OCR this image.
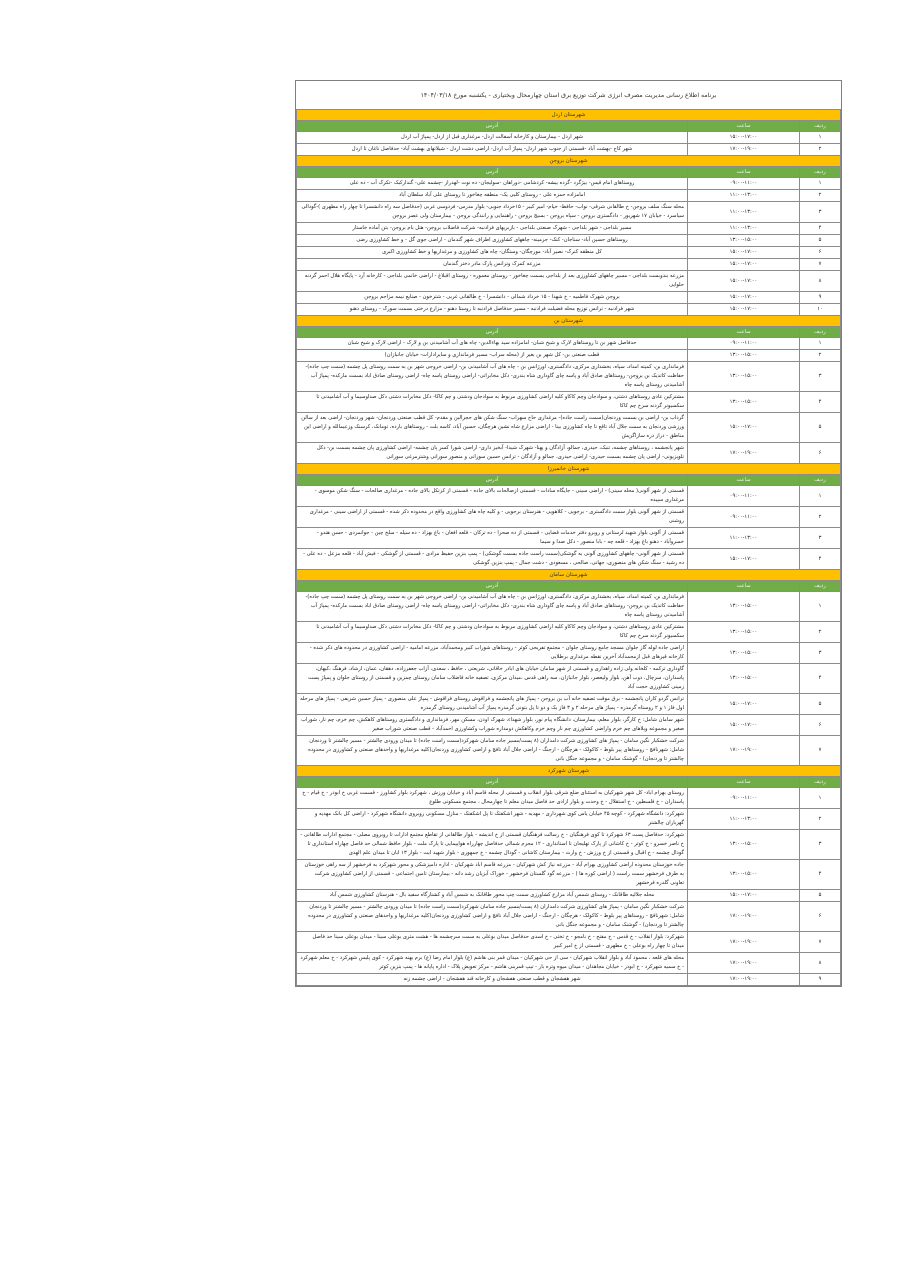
برنامه اطلاع رسانی مدیریت مصرف انرژی شرکت توزیع برق استان چهارمحال وبختیاری - یکشنبه مورخ ۱۴۰۴/۰۳/۱۸		
شهرستان اردل		
ردیف	ساعت	آدرس
۱	۱۵:۰۰-۱۷:۰۰	شهر اردل - بیمارستان و کارخانه آسفالت اردل- مرغداری قبل از اردل- پمپاژ آب اردل
۲	۱۷:۰۰-۱۹:۰۰	شهر کاج -بهشت آباد -قسمتی از جنوب شهر اردل- پمپاژ آب اردل- اراضی دشت اردل - شیلاتهای بهشت آباد- حدفاصل ناغان تا اردل
شهرستان بروجن		
ردیف	ساعت	آدرس
۱	۰۹:۰۰-۱۱:۰۰	روستاهای امام قیس- بیژگرد -گرده بیشه- کردشامی -دوراهان -سولیجان- ده نوت -لهدراز -چشمه علی- گندارکبک -تکرک آب - ده علی
۲	۱۱:۰۰-۱۳:۰۰	امامزاده حمزه علی - روستای کلبی یک- منطقه چغاخور تا روستای علی آباد سلطان آباد
۳	۱۱:۰۰-۱۳:۰۰	محله سنگ سلف بروجن- خ طالقانی شرقی- نواب- حافظ- خیام- امیر کبیر - ۱۵خرداد جنوبی- بلوار مدرس- فردوسی غربی (حدفاصل سه راه دانشسرا تا چهار راه مطهری )-گودالی سیاسرد - خیابان ۱۷ شهریور - دادگستری بروجن - سپاه بروجن - بسیج بروجن - راهنمایی و رانندگی بروجن - بیمارستان ولی عصر بروجن
۴	۱۱:۰۰-۱۳:۰۰	مسیر بلداجی - شهر بلداجی - شهرک صنعتی بلداجی - بازبریهای فرادنبه- شرکت فاضلاب بروجن- هتل بام بروجن- بتن آماده خاستار
۵	۱۳:۰۰-۱۵:۰۰	روستاهای حسین آباد- سناجان- کنک- جرمینه- چاههای کشاورزی اطراف شهر گندمان - اراضی جوی گل - و خط کشاورزی رضی
۶	۱۵:۰۰-۱۷:۰۰	کل منطقه کنرک- نصیر آباد- مورچگان- وستگان- چاه های کشاورزی و مرغداریها و خط کشاورزی اکبری
۷	۱۵:۰۰-۱۷:۰۰	مزرعه کمرک وترانس پارک مادر دختر گندمان
۸	۱۵:۰۰-۱۷:۰۰	مزرعه بندوبست بلداجی - مسیر چاههای کشاورزی بعد از بلداجی بسمت چغاخور - روستای معموره - روستای اقبلاغ - اراضی خانمی بلداجی - کارخانه آرد - پایگاه هلال احمر گردنه حلوایی
۹	۱۵:۰۰-۱۷:۰۰	بروجن شهرک فاطمیه - خ شهدا - ۱۵ خرداد شمالی - دانشسرا - خ طالقانی غربی - شترخون - صنایع نیمه مزاحم بروجن
۱۰	۱۵:۰۰-۱۷:۰۰	شهر فرادنبه - ترانس توزیع محله فضیلت فرادنبه - مسیر حدفاصل فرادنبه تا روستا دهنو - مزارع درختی بسمت سورک - روستای دهنو
شهرستان بن		
ردیف	ساعت	آدرس
۱	۰۹:۰۰-۱۱:۰۰	حدفاصل شهر بن تا روستاهای لارک و شیخ شبان- امامزاده سید بهاءالدین- چاه های آب آشامیدنی بن و لارک - اراضی لارک و شیخ شبان
۲	۱۳:۰۰-۱۵:۰۰	قطب صنعتی بن- کل شهر بن بغیر از (محله سراب- مسیر فرمانداری و سایرادارات- خیابان جانبازان)
۳	۱۳:۰۰-۱۵:۰۰	فرمانداری بن، کمیته امداد، سپاه، بخشداری مرکزی، دادگستری، اورژانس بن - چاه های آب آشامیدنی بن- اراضی خروجی شهر بن به سمت روستای پل چشمه (سمت چپ جاده)- حفاظت کاتدیک بن بروجن- روستاهای صادق آباد و پاسه چای گاوداری شاه بندری- دکل مخابراتی- اراضی روستای پاسه چاه- اراضی روستای صادق اباد بسمت مارکده- پمپاژ آب آشامیدنی روستای پاسه چاه
۴	۱۳:۰۰-۱۵:۰۰	مشترکین عادی روستاهای دشتی، و سوادجان وچم کاکاو کلیه اراضی کشاورزی مربوط به سوادجان ودشتی و چم کاکا- دکل مخابرات دشتی دکل صداوسیما و آب آشامیدنی تا سکسیونر گردنه سرخ چم کاکا
۵	۱۵:۰۰-۱۷:۰۰	گرداب بن- اراضی بن بسمت وردنجان(سمت راست جاده)- مرغداری حاج سهراب- سنگ شکن های حجرالبن و مقدم- کل قطب صنعتی وردنجان- شهر وردنجان- اراضی بعد از سالن ورزشی وردنجان به سمت جلال آباد تاقع تا چاه کشاورزی بینا - اراضی مزارع شاه نشین هرچگان، حسین آباد، کاسه بلت - روستاهای بارده، تومانک، کرسنک وزعیمالله و اراضی این مناطق - دراز دره سازاگریش
۶	۱۷:۰۰-۱۹:۰۰	شهر پانجشمه ، روستاهای چشمه، تنبک، حیدری، جمالو، آزادگان و پهنا- شهرک شیدا- آبخیز داری- اراضی شورا کسر پان چشمه- اراضی کشاورزی پان چشمه بسمت بن- دکل تلویزیونی- اراضی پان چشمه بسمت حیدری- اراضی حیدری، جمالو و آزادگان - ترانس حسین سورانی و منصور سورانی وشترمرغی سورانی
شهرستان خانمیرزا		
ردیف	ساعت	آدرس
۱	۰۹:۰۰-۱۱:۰۰	قسمتی از شهر آلونی( محله سینی) - اراضی سینی - جایگاه سادات - قسمتی ازصالحات بالای جاده - قسمتی از کرتکل بالای جاده - مرغداری صالحات - سنگ شکن موسوی - مرغداری سپیده
۲	۰۹:۰۰-۱۱:۰۰	قسمتی از شهر آلونی بلوار سمت دادگستری - برجویی - کلاهویی - هنرستان برجویی - و کلیه چاه های کشاورزی واقع در محدوده ذکر شده - قسمتی از اراضی سینی - مرغداری روشنی
۳	۱۱:۰۰-۱۳:۰۰	قسمتی از آلونی بلوار شهید لرستانی و روبرو دفتر خدمات قضایی - قسمتی از ده صحرا - ده ترکان - قلعه افغان - باغ بهزاد - ده سیله - سلخ چین - جوانمردی - حسن هندو - خسروآباد - دهنو باغ بهزاد - قلعه چه - بابا منصور - دکل صدا و سیما
۴	۱۵:۰۰-۱۷:۰۰	قسمتی از شهر آلونی- چاههای کشاورزی آلونی به گوشکی(سمت راست جاده بسمت گوشکی) - پمپ بنزین حفیظ مرادی - قسمتی از گوشکی - فیش آباد - قلعه مزعل - ده علی - ده رشید - سنگ شکن های منصوری، جهانی، صالحی ، مسعودی - دشت جمال - پمپ بنزین گوشکی
شهرستان سامان		
ردیف	ساعت	آدرس
۱	۱۳:۰۰-۱۵:۰۰	فرمانداری بن، کمیته امداد، سپاه، بخشداری مرکزی، دادگستری، اورژانس بن - چاه های آب آشامیدنی بن- اراضی خروجی شهر بن به سمت روستای پل چشمه (سمت چپ جاده)- حفاظت کاتدیک بن بروجن- روستاهای صادق آباد و پاسه چای گاوداری شاه بندری- دکل مخابراتی- اراضی روستای پاسه چاه- اراضی روستای صادق اباد بسمت مارکده- پمپاژ آب آشامیدنی روستای پاسه چاه
۲	۱۳:۰۰-۱۵:۰۰	مشترکین عادی روستاهای دشتی، و سوادجان وچم کاکاو کلیه اراضی کشاورزی مربوط به سوادجان ودشتی و چم کاکا- دکل مخابرات دشتی دکل صداوسیما و آب آشامیدنی تا سکسیونر گردنه سرخ چم کاکا
۳	۱۳:۰۰-۱۵:۰۰	اراضی جاده لوله گاز جلوان مسجد جامع روستای جلوان - مجتمع تفریحی کوثر - روستاهای شوراب کبیر ومحمدآباد، مزرعه امامیه - اراضی کشاورزی در محدوده های ذکر شده - کارخانه قیرهای قبل ازمحمدآباد آخرین نقطه مرغداری برطلایی
۴	۱۳:۰۰-۱۵:۰۰	گاوداری ترکمه - کلخانه ولی زاده راهداری و قسمتی از شهر سامان خیابان های اباذر خاقانی، شریعتی ، حافظ ، سعدی، آزاب جعفرزاده، دهقان، عمان، ارشاد، فرهنگ ،کیهان، پاسداران، سرچال، ذوب آهن، بلوار ولیعصر، بلوار جانبازان، سه راهی قدس ،میدان مرکزی، تصفیه خانه فاضلاب سامان روستای چمزین و قسمتی از روستای جلوان و پمپاژ پست زمینی کشاورزی حجت آباد
۵	۱۵:۰۰-۱۷:۰۰	ترانس گردو کاران پانجشمه - برق موقت تصفیه خانه آب بن بروجن - پمپاژ های پانجشمه و فراقوش روستای فراقوش - پمپاژ علی منصوری - پمپاژ حسین شریفی - پمپاژ های مرحله اول فاز ۱ و ۲ روستاه گرمدره - پمپاژ های مرحله ۲ و ۳ فاز یک و دو تا پل بتونی گرمدره پمپاژ آب آشامیدنی روستای گرمدره
۶	۱۵:۰۰-۱۷:۰۰	شهر سامان شامل: خ کارگر، بلوار معلم، بیمارستان، دانشگاه پیام نور، بلوار شهداء، شهرک اوذن، مسکن مهر، فرمانداری و دادگستری روستاهای کاهکش، چم خرم، چم نار، شوراب صغیر و مجموعه ویلاهای چم خرم واراضی کشاورزی چم نار وچم خرم وکاهکش دومداره شوراب وکشاورزی احمدآباد - قطب صنعتی شوراب صغیر
۷	۱۷:۰۰-۱۹:۰۰	شرکت خشکبار نگین سامان - پمپاژ های کشاورزی شرکت دامداران (۸ پست/مسیر جاده سامان شهرکرد(سمت راست جاده) تا میدان ورودی چالشتر - مسیر چالشتر تا وردنجان شامل: شهرنافچ - روستاهای پیر بلوط - کاکولک - هرچگان - ارجنگ - اراضی جلال آباد نافچ و اراضی کشاورزی وردنجان(کلیه مرغداریها و واحدهای صنعتی و کشاورزی در محدوده چالشتر تا وردنجان) - گوشنک سامان - و مجموعه جنگل بانی
شهرستان شهرکرد		
ردیف	ساعت	آدرس
۱	۰۹:۰۰-۱۱:۰۰	روستای بهرام اباد- کل شهر شهرکیان به استثنای ضلع شرقی بلوار انقلاب و قسمتی از محله قاسم آباد و خیابان ورزش ، شهرکرد بلوار کشاورز - قسمت غربی خ ابوذر - خ قیام - خ پاسداران - خ فلسطین - خ استقلال - خ وحدت و بلوار ازادی حد فاصل میدان معلم تا چهارمحال ، مجتمع مسکونی طلوع
۲	۱۱:۰۰-۱۳:۰۰	شهرکرد: دانشگاه شهرکرد - کوچه ۴۵ خیابان یاس کوی شهرداری - مهدیه - شهر اشکفتک تا پل اشکفتک - منازل مسکونی روبروی دانشگاه شهرکرد - اراضی کل بانک مهدیه و گهرباران چالشتر
۳	۱۳:۰۰-۱۵:۰۰	شهرکرد: حدفاصل پست ۶۳ شهرکرد تا کوی فرهنگیان - خ رسالت فرهنگیان قسمتی از خ اندیشه - بلوار طالقانی از تقاطع مجتمع ادارات تا روبروی مصلی - مجتمع ادارات طالقانی - خ ناصر خسرو - خ کوثر - خ کاشانی از پارک تهلیجان تا استانداری - ۱۲ محرم شمالی حدفاصل چهارراه هوایپمایی تا پارک ملت - بلوار حافظ شمالی حد فاصل چهاراه استانداری تا گودال چشمه - خ اقبال و قسمتی از خ ورزش - خ وارث - بیمارستان کاشانی - گودال چشمه - خ جمهوری - بلوار شهید ایت - بلوار ۱۳ ابان تا میدان علم الهدی
۴	۱۳:۰۰-۱۵:۰۰	جاده خوزستان محدوده اراضی کشاورزی بهرام آباد - مزرعه نیاز کش شهرکیان - مزرعه قاسم اباد شهرکیان - اداره دامپزشکی و محور شهرکرد به فرخشهر از سه راهی خوزستان به طرف فرخشهر سمت راست ( اراضی کوره ها ) - مزرعه گود گلستان فرخشهر - خوراک آبزیان رشد دانه - بیمارستان تامین اجتماعی - قسمتی از اراضی کشاورزی شرکت تعاونی گلدره فرخشهر
۵	۱۵:۰۰-۱۷:۰۰	محله جلالیه طاقانک - روستای شمس آباد مزارع کشاورزی سمت چپ محور طاقانک به شمس آباد و کشتارگاه سفید بال - هنرستان کشاورزی شمس آباد
۶	۱۷:۰۰-۱۹:۰۰	شرکت خشکبار نگین سامان - پمپاژ های کشاورزی شرکت دامداران (۸ پست/مسیر جاده سامان شهرکرد(سمت راست جاده) تا میدان ورودی چالشتر - مسیر چالشتر تا وردنجان شامل: شهرنافچ - روستاهای پیر بلوط - کاکولک - هرچگان - ارجنگ - اراضی جلال آباد نافچ و اراضی کشاورزی وردنجان(کلیه مرغداریها و واحدهای صنعتی و کشاورزی در محدوده چالشتر تا وردنجان) - گوشنک سامان - و مجموعه جنگل بانی
۷	۱۷:۰۰-۱۹:۰۰	شهرکرد: بلوار انقلاب - خ قدس - خ مفتح - خ نامجو - خ تختی - خ اسدی حدفاصل میدان بوعلی به سمت سرچشمه ها - هشت متری بوعلی سینا - میدان بوعلی سینا حد فاصل میدان تا چهار راه بوعلی - خ مطهری - قسمتی از خ امیر کبیر
۸	۱۷:۰۰-۱۹:۰۰	محله های قلعه ، محمود آباد و بلوار انقلاب شهرکیان - سی از حی شهرکیان - میدان قمر بنی هاشم (ع) بلوار امام رضا (ع) برم بهنه شهرکرد - کوی پلیس شهرکرد - خ معلم شهرکرد - خ سمیه شهرکرد - خ ابوذر - خیابان مجاهدان - میدان میوه وتره بار - تیپ قمربنی هاشم - مرکز تعویض پلاک - اداره پایانه ها - پمپ بنزین کوثر
۹	۱۷:۰۰-۱۹:۰۰	شهر هفشجان و قطب صنعتی هفشجان و کارخانه قند هفشجان - اراضی چشمه زنه
